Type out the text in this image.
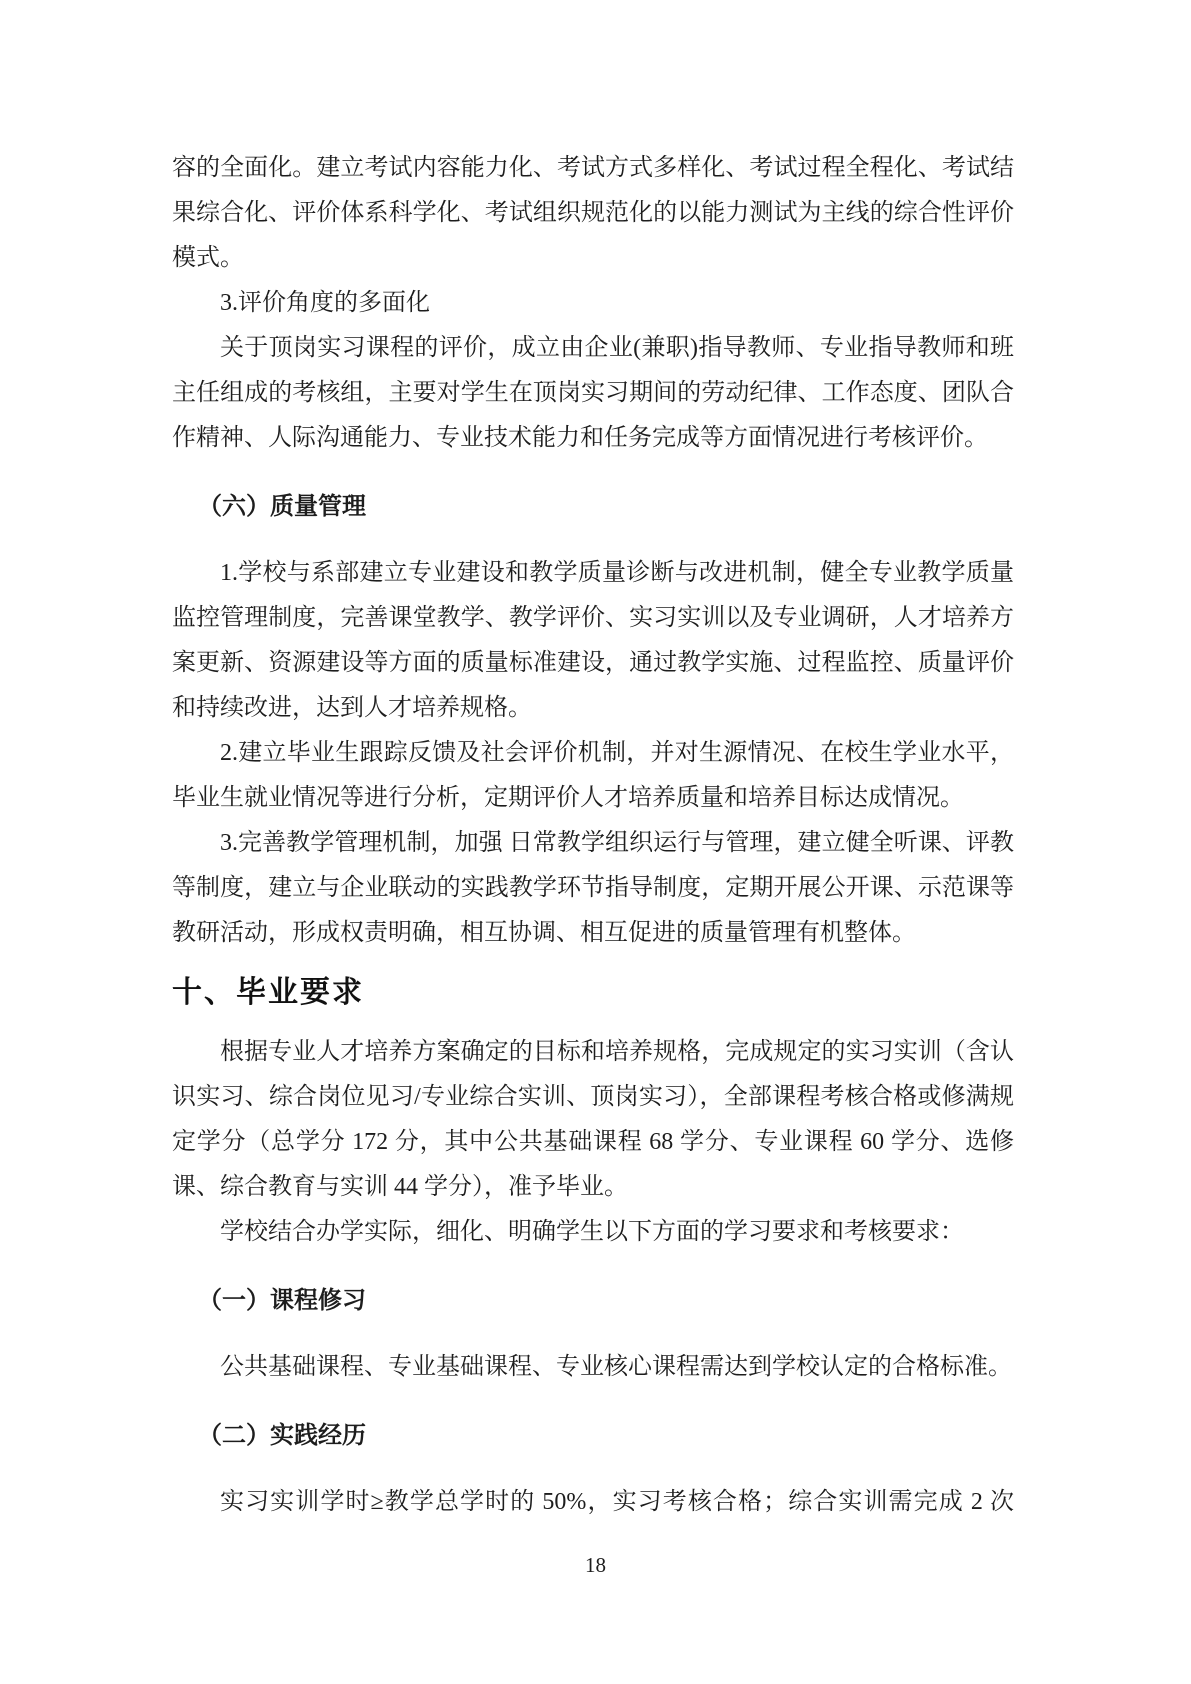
容的全面化。建立考试内容能力化、考试方式多样化、考试过程全程化、考试结果综合化、评价体系科学化、考试组织规范化的以能力测试为主线的综合性评价模式。

3.评价角度的多面化

关于顶岗实习课程的评价，成立由企业(兼职)指导教师、专业指导教师和班主任组成的考核组，主要对学生在顶岗实习期间的劳动纪律、工作态度、团队合作精神、人际沟通能力、专业技术能力和任务完成等方面情况进行考核评价。

（六）质量管理

1.学校与系部建立专业建设和教学质量诊断与改进机制，健全专业教学质量监控管理制度，完善课堂教学、教学评价、实习实训以及专业调研，人才培养方案更新、资源建设等方面的质量标准建设，通过教学实施、过程监控、质量评价和持续改进，达到人才培养规格。

2.建立毕业生跟踪反馈及社会评价机制，并对生源情况、在校生学业水平，毕业生就业情况等进行分析，定期评价人才培养质量和培养目标达成情况。

3.完善教学管理机制，加强 日常教学组织运行与管理，建立健全听课、评教等制度，建立与企业联动的实践教学环节指导制度，定期开展公开课、示范课等教研活动，形成权责明确，相互协调、相互促进的质量管理有机整体。

十、毕业要求

根据专业人才培养方案确定的目标和培养规格，完成规定的实习实训（含认识实习、综合岗位见习/专业综合实训、顶岗实习），全部课程考核合格或修满规定学分（总学分 172 分，其中公共基础课程 68 学分、专业课程 60 学分、选修课、综合教育与实训 44 学分），准予毕业。

学校结合办学实际，细化、明确学生以下方面的学习要求和考核要求：

（一）课程修习

公共基础课程、专业基础课程、专业核心课程需达到学校认定的合格标准。

（二）实践经历

实习实训学时≥教学总学时的 50%，实习考核合格；综合实训需完成 2 次

18
